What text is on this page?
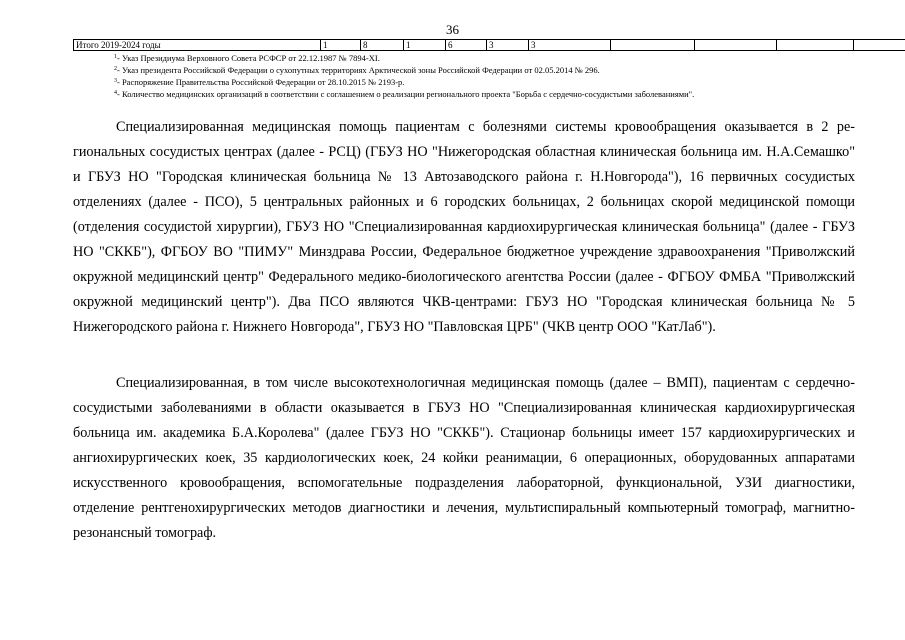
36
Итого 2019-2024 годы	1	8	1	6	3	3				
$^1$- Указ Президиума Верховного Совета РСФСР от 22.12.1987 № 7894-XI.
$^2$- Указ президента Российской Федерации о сухопутных территориях Арктической зоны Российской Федерации от 02.05.2014 № 296.
$^3$- Распоряжение Правительства Российской Федерации от 28.10.2015 № 2193-р.
$^4$- Количество медицинских организаций в соответствии с соглашением о реализации регионального проекта "Борьба с сердечно-сосудистыми заболеваниями".

Специализированная медицинская помощь пациентам с болезнями системы кровообращения оказывается в 2 региональных сосудистых центрах (далее - РСЦ) (ГБУЗ НО "Нижегородская областная клиническая больница им. Н.А.Семашко" и ГБУЗ НО "Городская клиническая больница № 13 Автозаводского района г. Н.Новгорода"), 16 первичных сосудистых отделениях (далее - ПСО), 5 центральных районных и 6 городских больницах, 2 больницах скорой медицинской помощи (отделения сосудистой хирургии), ГБУЗ НО "Специализированная кардиохирургическая клиническая больница" (далее - ГБУЗ НО "СККБ"), ФГБОУ ВО "ПИМУ" Минздрава России, Федеральное бюджетное учреждение здравоохранения "Приволжский окружной медицинский центр" Федерального медико-биологического агентства России (далее - ФГБОУ ФМБА "Приволжский окружной медицинский центр"). Два ПСО являются ЧКВ-центрами: ГБУЗ НО "Городская клиническая больница № 5 Нижегородского района г. Нижнего Новгорода", ГБУЗ НО "Павловская ЦРБ" (ЧКВ центр ООО "КатЛаб").

Специализированная, в том числе высокотехнологичная медицинская помощь (далее – ВМП), пациентам с сердечно-сосудистыми заболеваниями в области оказывается в ГБУЗ НО "Специализированная клиническая кардиохирургическая больница им. академика Б.А.Королева" (далее ГБУЗ НО "СККБ"). Стационар больницы имеет 157 кардиохирургических и ангиохирургических коек, 35 кардиологических коек, 24 койки реанимации, 6 операционных, оборудованных аппаратами искусственного кровообращения, вспомогательные подразделения лабораторной, функциональной, УЗИ диагностики, отделение рентгенохирургических методов диагностики и лечения, мультиспиральный компьютерный томограф, магнитно-резонансный томограф.
